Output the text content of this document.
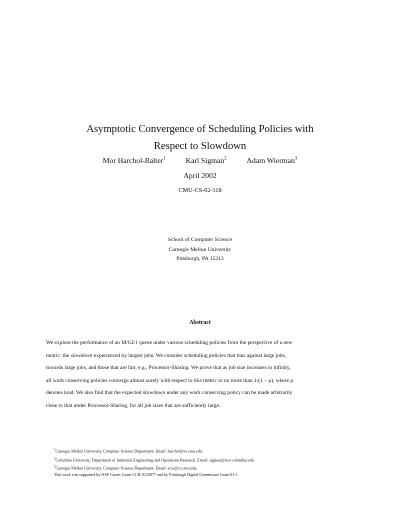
Asymptotic Convergence of Scheduling Policies with
Respect to Slowdown
Mor Harchol-Balter$^1$	Karl Sigman$^2$	Adam Wierman$^3$
April 2002
CMU-CS-02-118
School of Computer Science
Carnegie Mellon University
Pittsburgh, PA 15213
Abstract
We explore the performance of an M/GI/1 queue under various scheduling policies from the perspective of a new
metric: the slowdown experienced by largest jobs. We consider scheduling policies that bias against large jobs,
towards large jobs, and those that are fair, e.g., Processor-Sharing. We prove that as job size increases to infinity,
all work conserving policies converge almost surely with respect to this metric to no more than 1/(1 − ρ), where ρ
denotes load. We also find that the expected slowdown under any work conserving policy can be made arbitrarily
close to that under Processor-Sharing, for all job sizes that are sufficiently large.
$^1$Carnegie Mellon University, Computer Science Department. Email: harchol@cs.cmu.edu.
$^2$Columbia University, Department of Industrial Engineering and Operations Research. Email: sigman@ieor.columbia.edu
$^3$Carnegie Mellon University, Computer Science Department. Email: acw@cs.cmu.edu.
This work was supported by NSF Career Grant CCR-0133077 and by Pittsburgh Digital Greenhouse Grant 01-1.
